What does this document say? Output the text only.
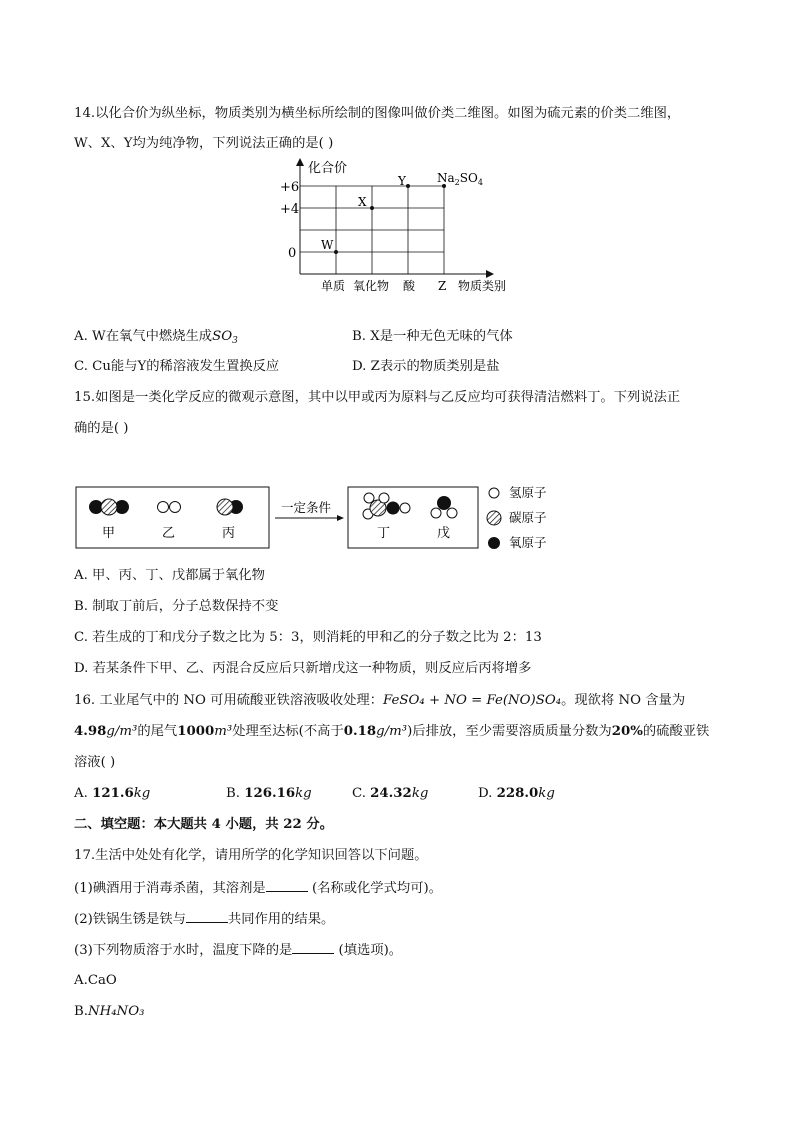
14.以化合价为纵坐标，物质类别为横坐标所绘制的图像叫做价类二维图。如图为硫元素的价类二维图，
W、X、Y均为纯净物，下列说法正确的是( )
化合价
+6
+4
0
单质 氧化物 酸 Z 物质类别
W
X
Y	$Na_2SO_4$
A. W在氧气中燃烧生成$SO_3$	B. X是一种无色无味的气体
C. Cu能与Y的稀溶液发生置换反应	D. Z表示的物质类别是盐
15.如图是一类化学反应的微观示意图，其中以甲或丙为原料与乙反应均可获得清洁燃料丁。下列说法正
确的是( )
甲	乙	丙
一定条件
丁	戊
氢原子
碳原子
氧原子
A. 甲、丙、丁、戊都属于氧化物
B. 制取丁前后，分子总数保持不变
C. 若生成的丁和戊分子数之比为 5：3，则消耗的甲和乙的分子数之比为 2：13
D. 若某条件下甲、乙、丙混合反应后只新增戊这一种物质，则反应后丙将增多
16. 工业尾气中的 NO 可用硫酸亚铁溶液吸收处理：FeSO₄ + NO = Fe(NO)SO₄。现欲将 NO 含量为
4.98g/m³的尾气1000m³处理至达标(不高于0.18g/m³)后排放，至少需要溶质质量分数为20%的硫酸亚铁
溶液( )
A. 121.6kg	B. 126.16kg	C. 24.32kg	D. 228.0kg
二、填空题：本大题共 4 小题，共 22 分。
17.生活中处处有化学，请用所学的化学知识回答以下问题。
(1)碘酒用于消毒杀菌，其溶剂是	(名称或化学式均可)。
(2)铁锅生锈是铁与	共同作用的结果。
(3)下列物质溶于水时，温度下降的是	(填选项)。
A.CaO
B.NH₄NO₃
